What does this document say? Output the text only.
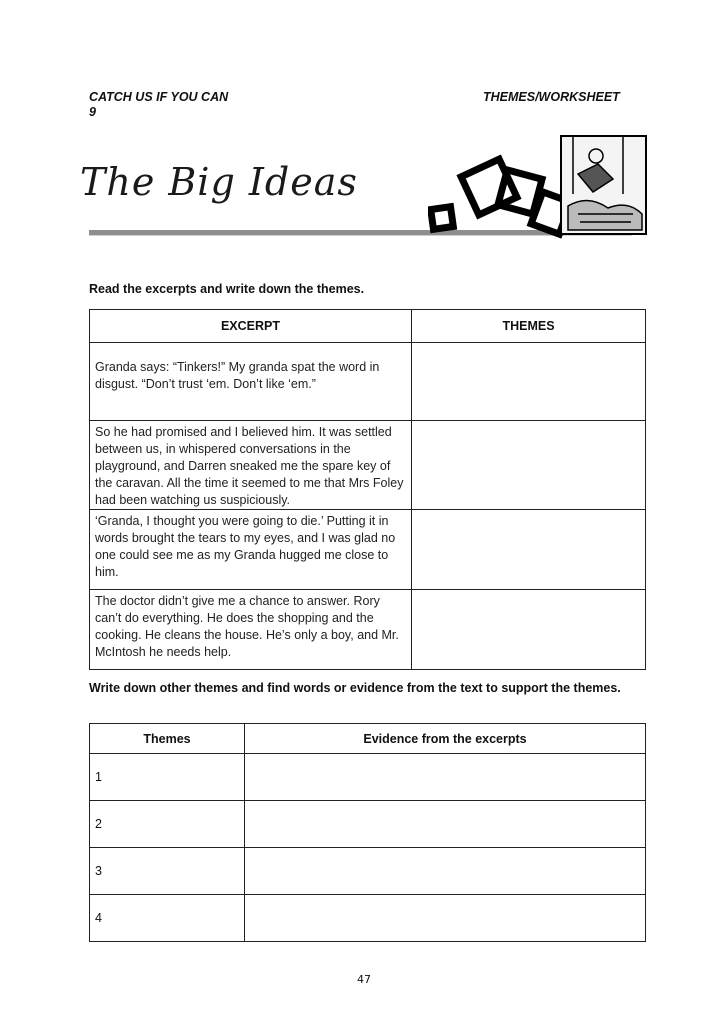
CATCH US IF YOU CAN
9
THEMES/WORKSHEET
The Big Ideas
Read the excerpts and write down the themes.
EXCERPT	THEMES
Granda says: “Tinkers!” My granda spat the word in disgust. “Don’t trust ‘em. Don’t like ‘em.”	
So he had promised and I believed him. It was settled between us, in whispered conversations in the playground, and Darren sneaked me the spare key of the caravan. All the time it seemed to me that Mrs Foley had been watching us suspiciously.	
‘Granda, I thought you were going to die.’ Putting it in words brought the tears to my eyes, and I was glad no one could see me as my Granda hugged me close to him.	
The doctor didn’t give me a chance to answer. Rory can’t do everything. He does the shopping and the cooking. He cleans the house. He’s only a boy, and Mr. McIntosh he needs help.	
Write down other themes and find words or evidence from the text to support the themes.
Themes	Evidence from the excerpts
1	
2	
3	
4	
47
